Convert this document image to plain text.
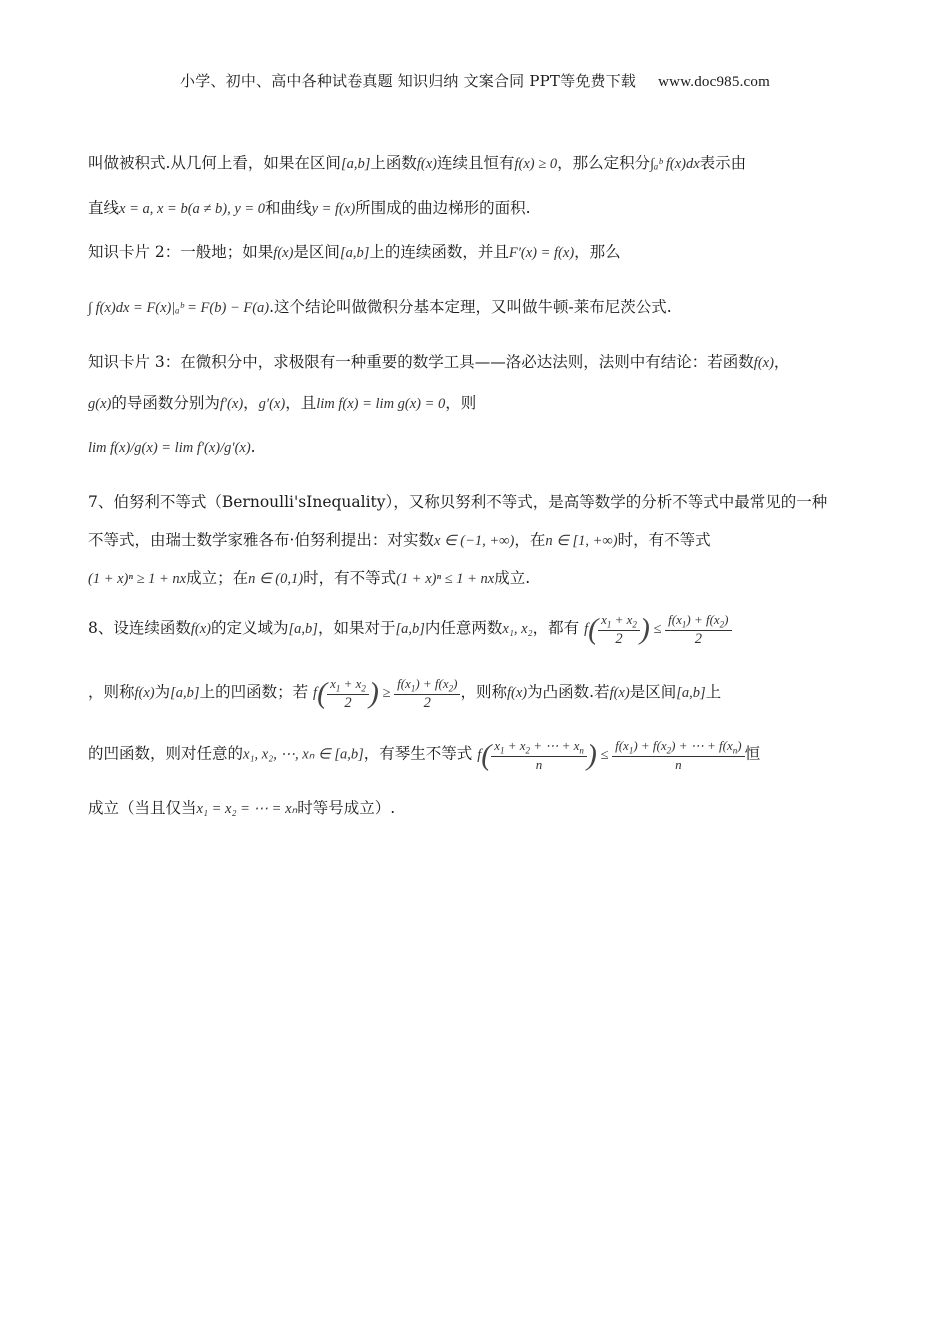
小学、初中、高中各种试卷真题 知识归纳 文案合同 PPT等免费下载 www.doc985.com
叫做被积式.从几何上看，如果在区间[a,b]上函数f(x)连续且恒有f(x) ≥ 0，那么定积分∫ₐᵇ f(x)dx表示由
直线x = a, x = b(a ≠ b), y = 0和曲线y = f(x)所围成的曲边梯形的面积.
知识卡片 2：一般地；如果f(x)是区间[a,b]上的连续函数，并且F′(x) = f(x)，那么
∫ f(x)dx = F(x)|ₐᵇ = F(b) − F(a).这个结论叫做微积分基本定理，又叫做牛顿-莱布尼茨公式.
知识卡片 3：在微积分中，求极限有一种重要的数学工具——洛必达法则，法则中有结论：若函数f(x)，
g(x)的导函数分别为f′(x)，g′(x)，且lim f(x) = lim g(x) = 0，则
lim f(x)/g(x) = lim f′(x)/g′(x).
7、伯努利不等式（Bernoulli'sInequality），又称贝努利不等式，是高等数学的分析不等式中最常见的一种
不等式，由瑞士数学家雅各布·伯努利提出：对实数x ∈ (−1, +∞)，在n ∈ [1, +∞)时，有不等式
(1 + x)ⁿ ≥ 1 + nx成立；在n ∈ (0,1)时，有不等式(1 + x)ⁿ ≤ 1 + nx成立.
8、设连续函数f(x)的定义域为[a,b]，如果对于[a,b]内任意两数x₁, x₂，都有 $f( \frac{x_1 + x_2}{2}$ ) ≤ $\frac{f(x_1) + f(x_2)}{2}$
，则称f(x)为[a,b]上的凹函数；若 $f( \frac{x_1 + x_2}{2}$ ) ≥ $\frac{f(x_1) + f(x_2)}{2}$ ，则称f(x)为凸函数.若f(x)是区间[a,b]上
的凹函数，则对任意的x₁, x₂, ⋯, xₙ ∈ [a,b]，有琴生不等式 $f( \frac{x_1 + x_2 + \cdots + x_n}{n}$ ) ≤ $\frac{f(x_1) + f(x_2) + \cdots + f(x_n)}{n}$ 恒
成立（当且仅当x₁ = x₂ = ⋯ = xₙ时等号成立）.
